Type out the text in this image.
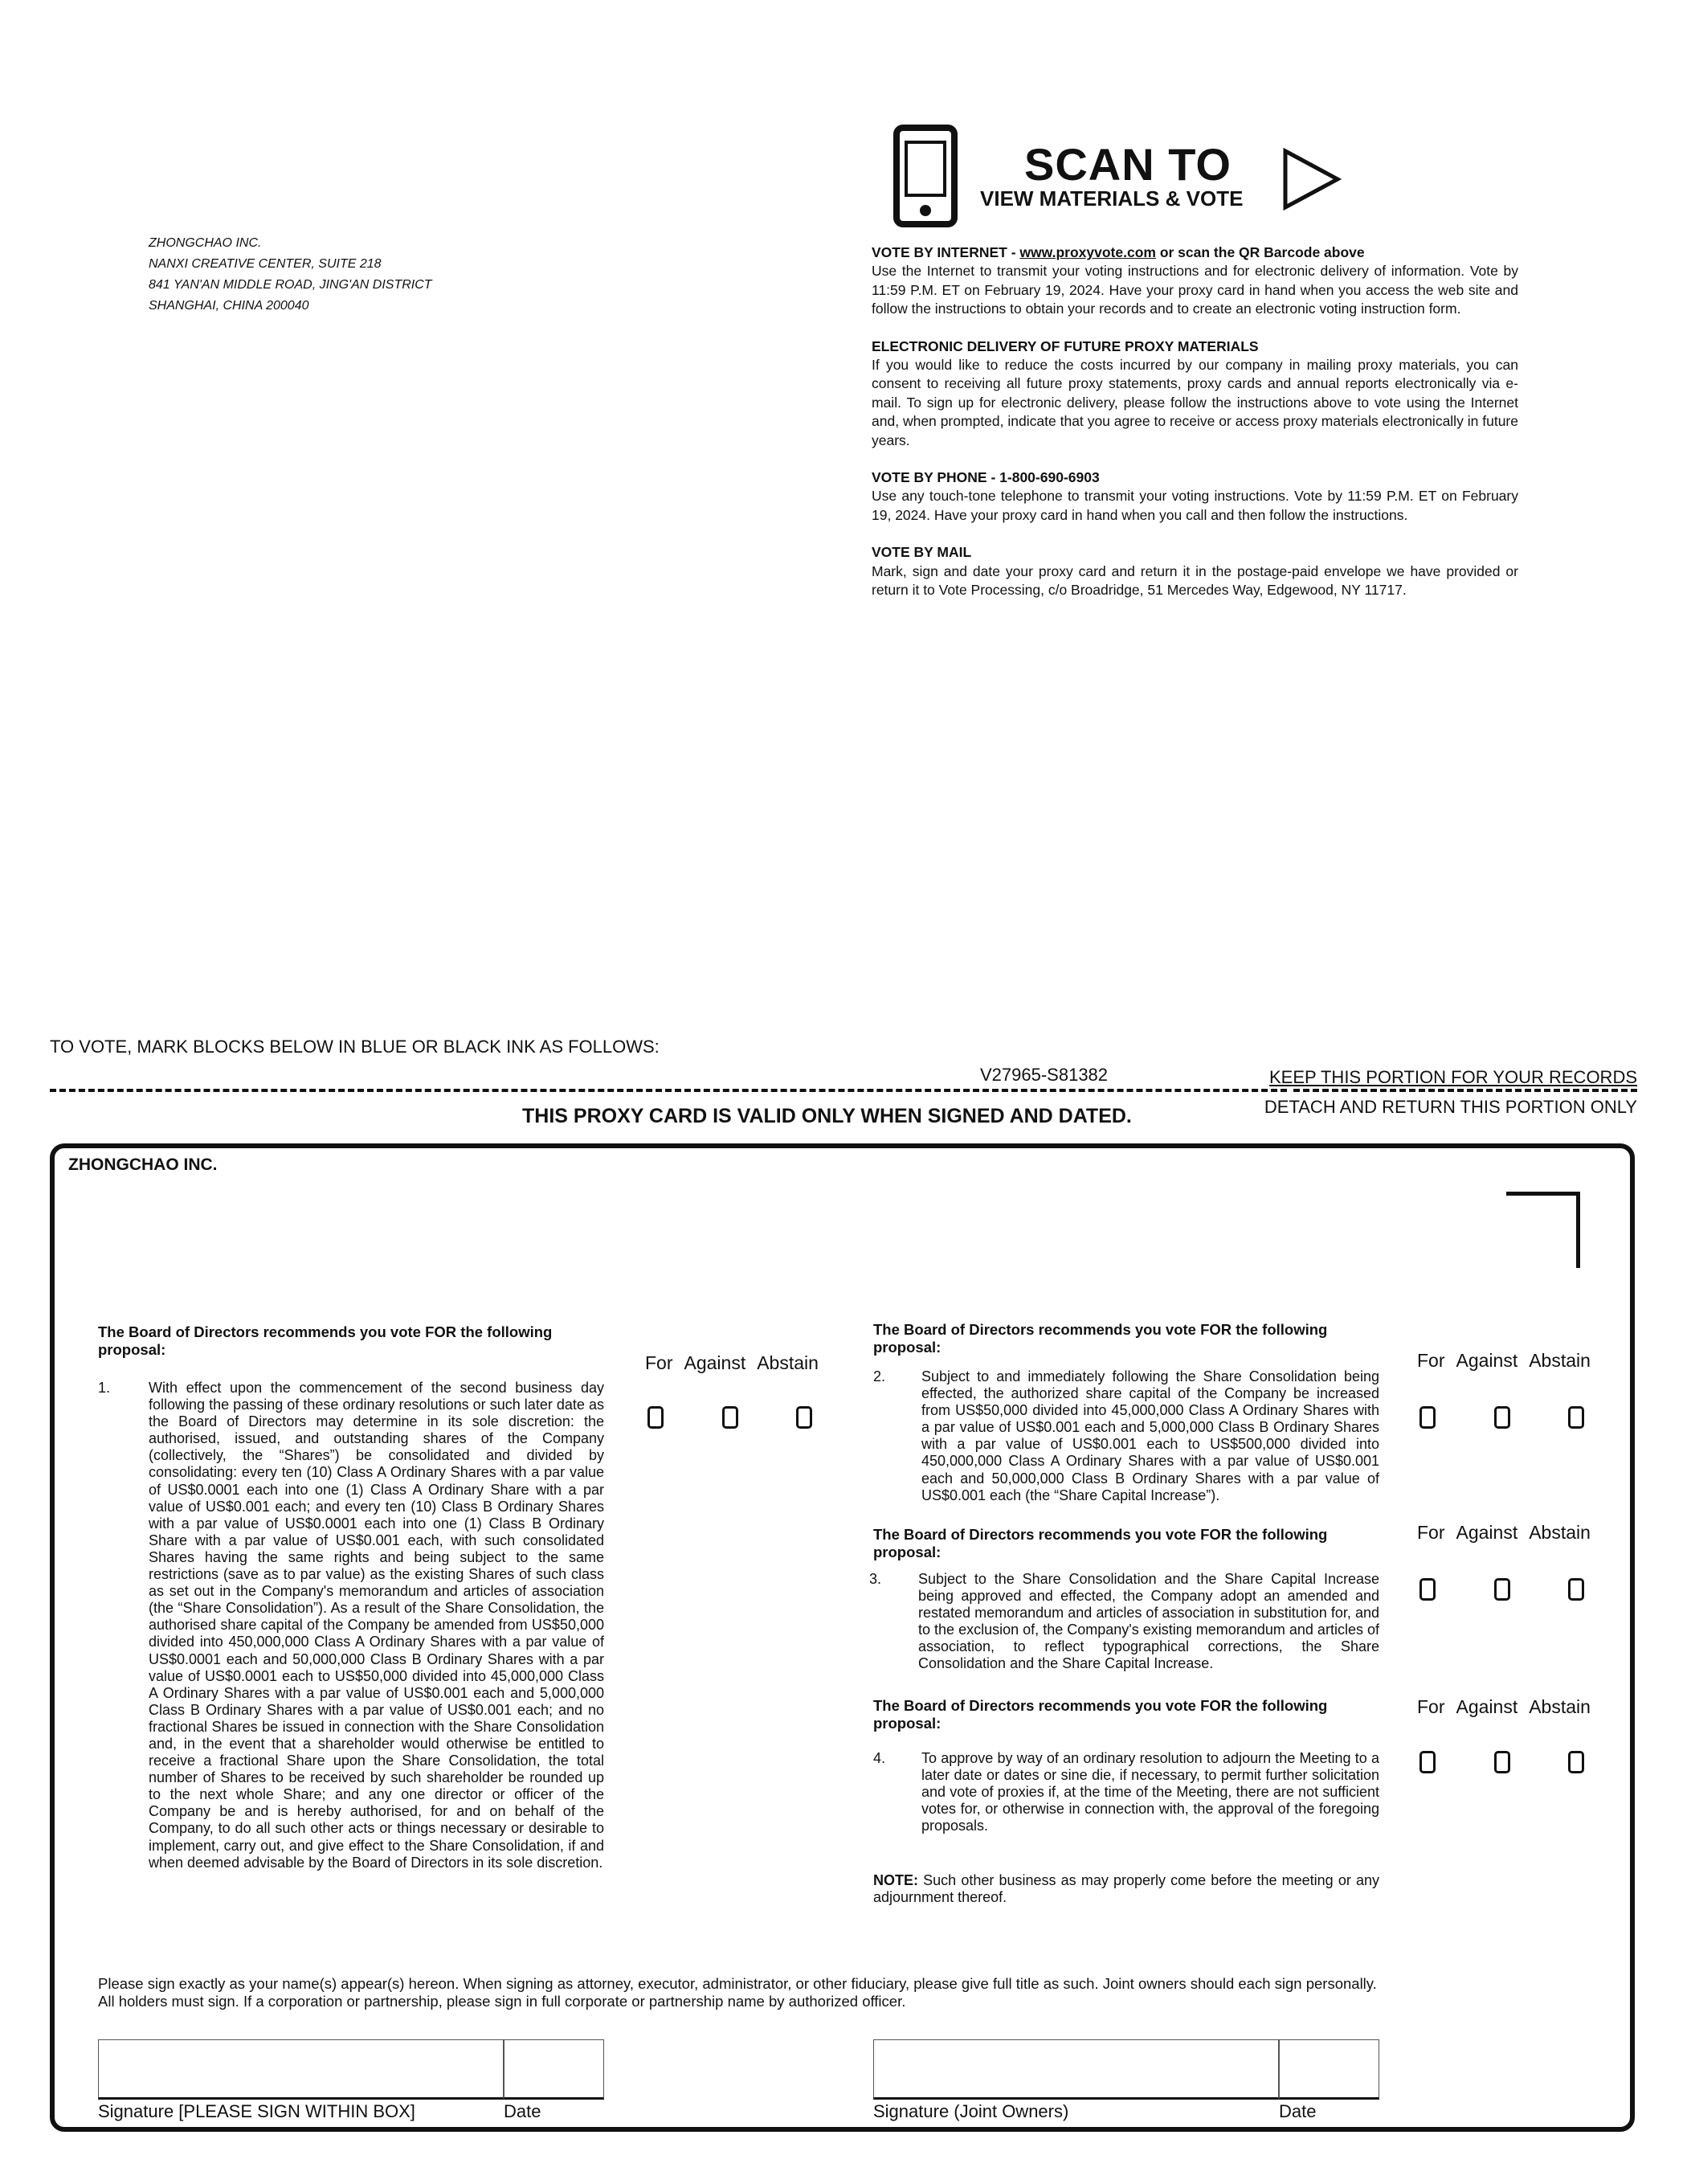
ZHONGCHAO INC.
NANXI CREATIVE CENTER, SUITE 218
841 YAN'AN MIDDLE ROAD, JING'AN DISTRICT
SHANGHAI, CHINA 200040
SCAN TO
VIEW MATERIALS & VOTE
VOTE BY INTERNET - www.proxyvote.com or scan the QR Barcode above

Use the Internet to transmit your voting instructions and for electronic delivery of information. Vote by 11:59 P.M. ET on February 19, 2024. Have your proxy card in hand when you access the web site and follow the instructions to obtain your records and to create an electronic voting instruction form.

ELECTRONIC DELIVERY OF FUTURE PROXY MATERIALS

If you would like to reduce the costs incurred by our company in mailing proxy materials, you can consent to receiving all future proxy statements, proxy cards and annual reports electronically via e-mail. To sign up for electronic delivery, please follow the instructions above to vote using the Internet and, when prompted, indicate that you agree to receive or access proxy materials electronically in future years.

VOTE BY PHONE - 1-800-690-6903

Use any touch-tone telephone to transmit your voting instructions. Vote by 11:59 P.M. ET on February 19, 2024. Have your proxy card in hand when you call and then follow the instructions.

VOTE BY MAIL

Mark, sign and date your proxy card and return it in the postage-paid envelope we have provided or return it to Vote Processing, c/o Broadridge, 51 Mercedes Way, Edgewood, NY 11717.

TO VOTE, MARK BLOCKS BELOW IN BLUE OR BLACK INK AS FOLLOWS:
V27965-S81382	KEEP THIS PORTION FOR YOUR RECORDS
THIS PROXY CARD IS VALID ONLY WHEN SIGNED AND DATED.	DETACH AND RETURN THIS PORTION ONLY
ZHONGCHAO INC.
The Board of Directors recommends you vote FOR the following proposal:
1.	With effect upon the commencement of the second business day following the passing of these ordinary resolutions or such later date as the Board of Directors may determine in its sole discretion: the authorised, issued, and outstanding shares of the Company (collectively, the “Shares”) be consolidated and divided by consolidating: every ten (10) Class A Ordinary Shares with a par value of US$0.0001 each into one (1) Class A Ordinary Share with a par value of US$0.001 each; and every ten (10) Class B Ordinary Shares with a par value of US$0.0001 each into one (1) Class B Ordinary Share with a par value of US$0.001 each, with such consolidated Shares having the same rights and being subject to the same restrictions (save as to par value) as the existing Shares of such class as set out in the Company's memorandum and articles of association (the “Share Consolidation”). As a result of the Share Consolidation, the authorised share capital of the Company be amended from US$50,000 divided into 450,000,000 Class A Ordinary Shares with a par value of US$0.0001 each and 50,000,000 Class B Ordinary Shares with a par value of US$0.0001 each to US$50,000 divided into 45,000,000 Class A Ordinary Shares with a par value of US$0.001 each and 5,000,000 Class B Ordinary Shares with a par value of US$0.001 each; and no fractional Shares be issued in connection with the Share Consolidation and, in the event that a shareholder would otherwise be entitled to receive a fractional Share upon the Share Consolidation, the total number of Shares to be received by such shareholder be rounded up to the next whole Share; and any one director or officer of the Company be and is hereby authorised, for and on behalf of the Company, to do all such other acts or things necessary or desirable to implement, carry out, and give effect to the Share Consolidation, if and when deemed advisable by the Board of Directors in its sole discretion.
For Against Abstain
The Board of Directors recommends you vote FOR the following proposal:
2. Subject to and immediately following the Share Consolidation being effected, the authorized share capital of the Company be increased from US$50,000 divided into 45,000,000 Class A Ordinary Shares with a par value of US$0.001 each and 5,000,000 Class B Ordinary Shares with a par value of US$0.001 each to US$500,000 divided into 450,000,000 Class A Ordinary Shares with a par value of US$0.001 each and 50,000,000 Class B Ordinary Shares with a par value of US$0.001 each (the “Share Capital Increase”).
For Against Abstain
The Board of Directors recommends you vote FOR the following proposal:
3.	Subject to the Share Consolidation and the Share Capital Increase being approved and effected, the Company adopt an amended and restated memorandum and articles of association in substitution for, and to the exclusion of, the Company's existing memorandum and articles of association, to reflect typographical corrections, the Share Consolidation and the Share Capital Increase.
For Against Abstain
The Board of Directors recommends you vote FOR the following proposal:
4. To approve by way of an ordinary resolution to adjourn the Meeting to a later date or dates or sine die, if necessary, to permit further solicitation and vote of proxies if, at the time of the Meeting, there are not sufficient votes for, or otherwise in connection with, the approval of the foregoing proposals.
For Against Abstain
NOTE: Such other business as may properly come before the meeting or any adjournment thereof.
Please sign exactly as your name(s) appear(s) hereon. When signing as attorney, executor, administrator, or other fiduciary, please give full title as such. Joint owners should each sign personally. All holders must sign. If a corporation or partnership, please sign in full corporate or partnership name by authorized officer.
Signature [PLEASE SIGN WITHIN BOX]	Date	Signature (Joint Owners)	Date
